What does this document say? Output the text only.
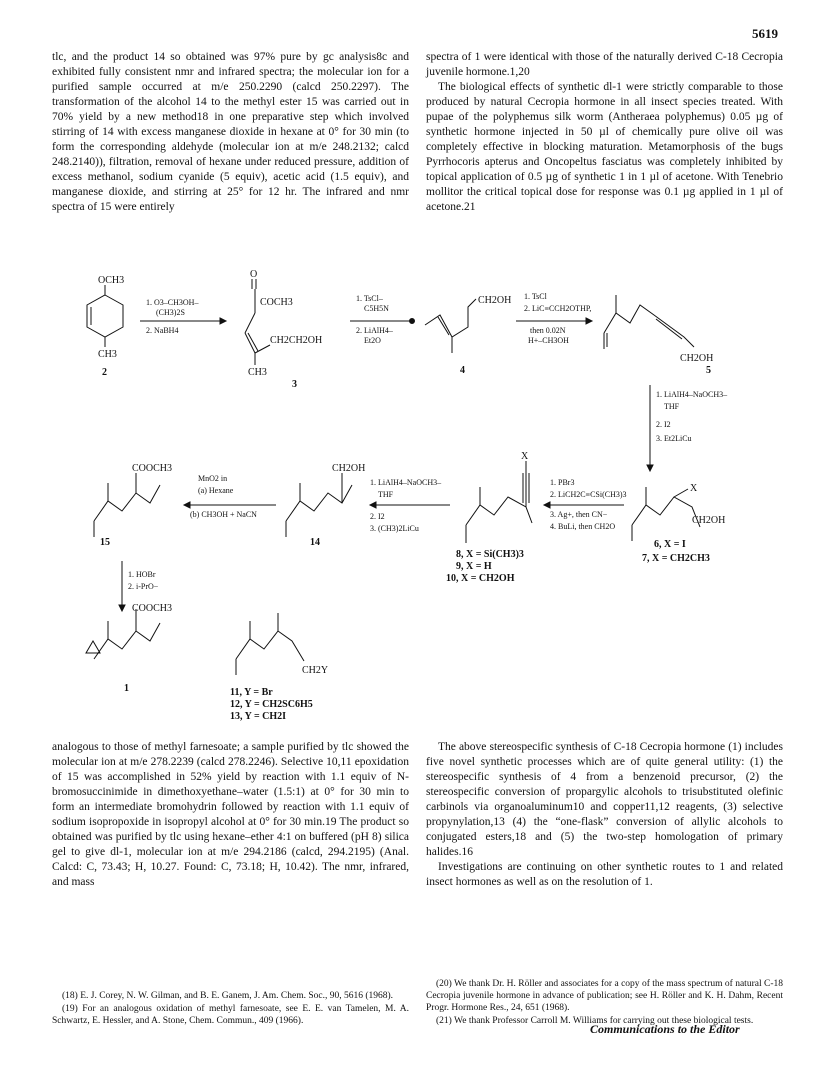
5619

tlc, and the product 14 so obtained was 97% pure by gc analysis8c and exhibited fully consistent nmr and infrared spectra; the molecular ion for a purified sample occurred at m/e 250.2290 (calcd 250.2297). The transformation of the alcohol 14 to the methyl ester 15 was carried out in 70% yield by a new method18 in one preparative step which involved stirring of 14 with excess manganese dioxide in hexane at 0° for 30 min (to form the corresponding aldehyde (molecular ion at m/e 248.2132; calcd 248.2140)), filtration, removal of hexane under reduced pressure, addition of excess methanol, sodium cyanide (5 equiv), acetic acid (1.5 equiv), and manganese dioxide, and stirring at 25° for 12 hr. The infrared and nmr spectra of 15 were entirely

spectra of 1 were identical with those of the naturally derived C-18 Cecropia juvenile hormone.1,20

The biological effects of synthetic dl-1 were strictly comparable to those produced by natural Cecropia hormone in all insect species treated. With pupae of the polyphemus silk worm (Antheraea polyphemus) 0.05 µg of synthetic hormone injected in 50 µl of chemically pure olive oil was completely effective in blocking maturation. Metamorphosis of the bugs Pyrrhocoris apterus and Oncopeltus fasciatus was completely inhibited by topical application of 0.5 µg of synthetic 1 in 1 µl of acetone. With Tenebrio mollitor the critical topical dose for response was 0.1 µg applied in 1 µl of acetone.21

OCH3
CH3
2
1. O3–CH3OH–
(CH3)2S
2. NaBH4
O
COCH3
CH2CH2OH
CH3
3
1. TsCl–
C5H5N
2. LiAlH4–
Et2O
CH2OH
4
1. TsCl
2. LiC≡CCH2OTHP,
then 0.02N
H+–CH3OH
CH2OH
5
1. LiAlH4–NaOCH3–
THF
2. I2
3. Et2LiCu
X
CH2OH
6, X = I
7, X = CH2CH3
1. PBr3
2. LiCH2C≡CSi(CH3)3
3. Ag+, then CN−
4. BuLi, then CH2O
X
8, X = Si(CH3)3
9, X = H
10, X = CH2OH
1. LiAlH4–NaOCH3–
THF
2. I2
3. (CH3)2LiCu
CH2OH
14
MnO2 in
(a) Hexane
(b) CH3OH + NaCN
COOCH3
15
1. HOBr
2. i-PrO−
COOCH3
1
CH2Y
11, Y = Br
12, Y = CH2SC6H5
13, Y = CH2I

analogous to those of methyl farnesoate; a sample purified by tlc showed the molecular ion at m/e 278.2239 (calcd 278.2246). Selective 10,11 epoxidation of 15 was accomplished in 52% yield by reaction with 1.1 equiv of N-bromosuccinimide in dimethoxyethane–water (1.5:1) at 0° for 30 min to form an intermediate bromohydrin followed by reaction with 1.1 equiv of sodium isopropoxide in isopropyl alcohol at 0° for 30 min.19 The product so obtained was purified by tlc using hexane–ether 4:1 on buffered (pH 8) silica gel to give dl-1, molecular ion at m/e 294.2186 (calcd, 294.2195) (Anal. Calcd: C, 73.43; H, 10.27. Found: C, 73.18; H, 10.42). The nmr, infrared, and mass

The above stereospecific synthesis of C-18 Cecropia hormone (1) includes five novel synthetic processes which are of quite general utility: (1) the stereospecific synthesis of 4 from a benzenoid precursor, (2) the stereospecific conversion of propargylic alcohols to trisubstituted olefinic carbinols via organoaluminum10 and copper11,12 reagents, (3) selective propynylation,13 (4) the “one-flask” conversion of allylic alcohols to conjugated esters,18 and (5) the two-step homologation of primary halides.16

Investigations are continuing on other synthetic routes to 1 and related insect hormones as well as on the resolution of 1.

(18) E. J. Corey, N. W. Gilman, and B. E. Ganem, J. Am. Chem. Soc., 90, 5616 (1968).

(19) For an analogous oxidation of methyl farnesoate, see E. E. van Tamelen, M. A. Schwartz, E. Hessler, and A. Stone, Chem. Commun., 409 (1966).

(20) We thank Dr. H. Röller and associates for a copy of the mass spectrum of natural C-18 Cecropia juvenile hormone in advance of publication; see H. Röller and K. H. Dahm, Recent Progr. Hormone Res., 24, 651 (1968).

(21) We thank Professor Carroll M. Williams for carrying out these biological tests.

Communications to the Editor
